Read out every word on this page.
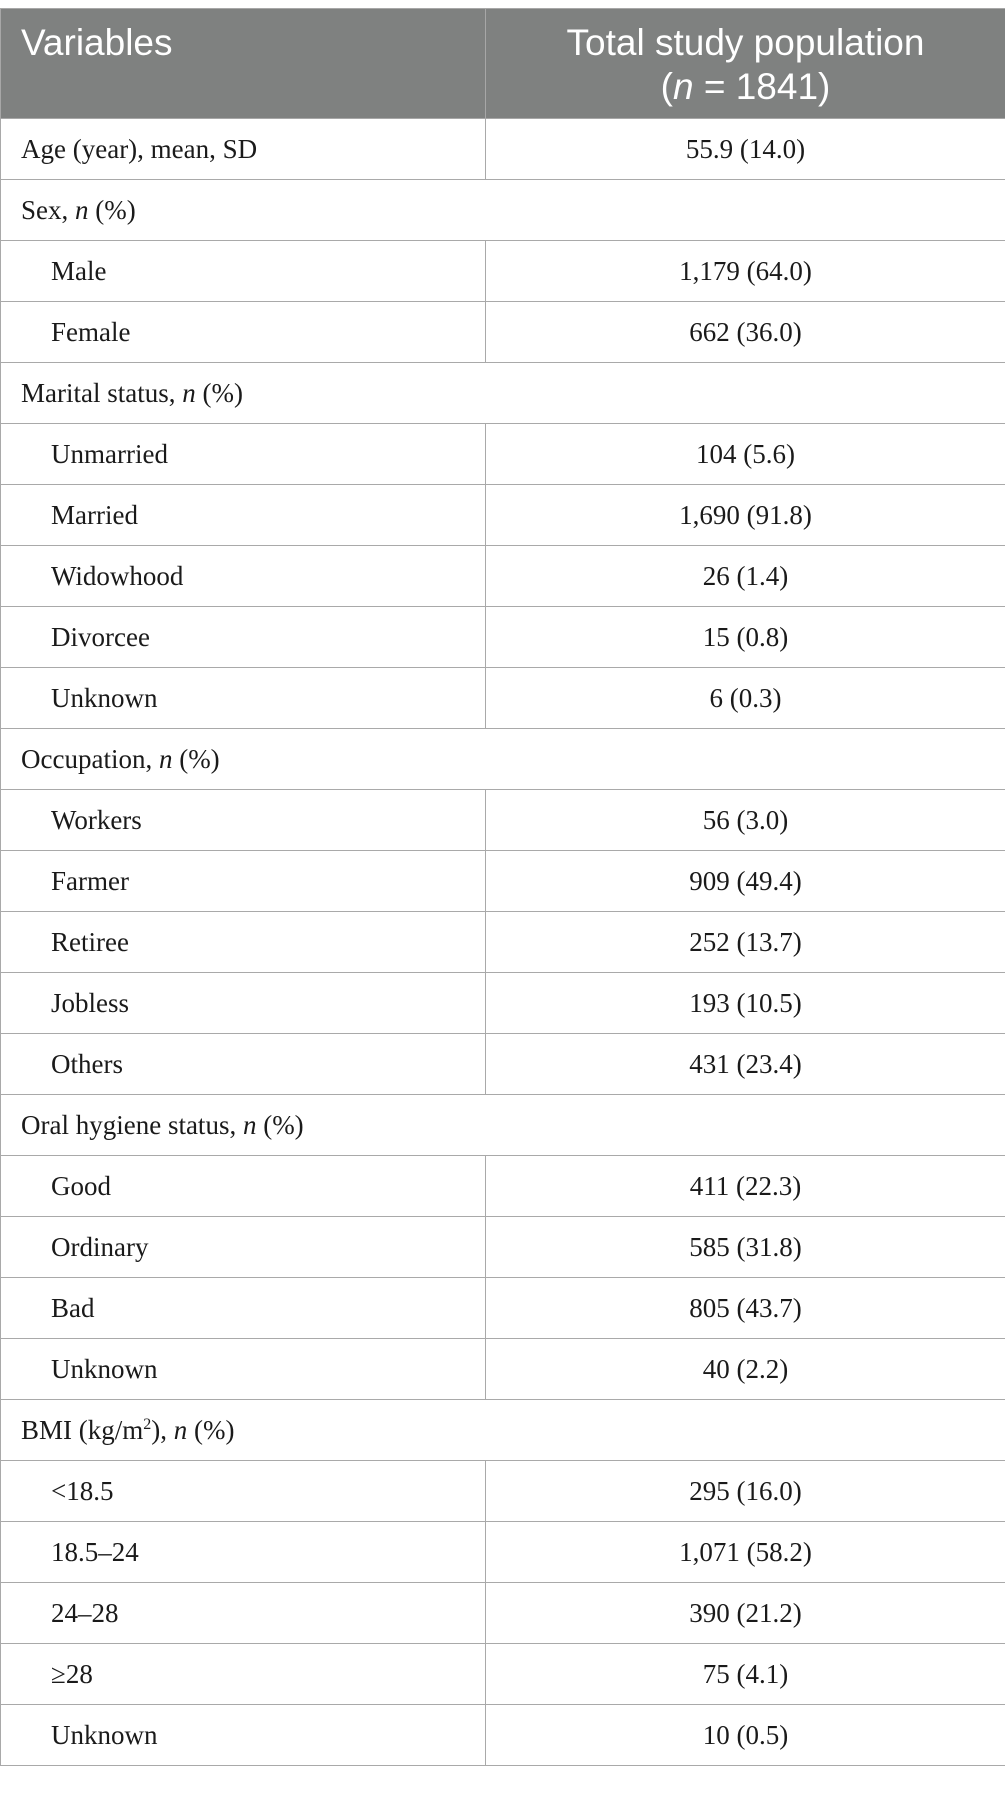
Variables	Total study population
(n = 1841)

Age (year), mean, SD	55.9 (14.0)
Sex, n (%)	
Male	1,179 (64.0)
Female	662 (36.0)
Marital status, n (%)	
Unmarried	104 (5.6)
Married	1,690 (91.8)
Widowhood	26 (1.4)
Divorcee	15 (0.8)
Unknown	6 (0.3)
Occupation, n (%)	
Workers	56 (3.0)
Farmer	909 (49.4)
Retiree	252 (13.7)
Jobless	193 (10.5)
Others	431 (23.4)
Oral hygiene status, n (%)	
Good	411 (22.3)
Ordinary	585 (31.8)
Bad	805 (43.7)
Unknown	40 (2.2)
BMI $(kg/m^2)$, n (%)	
<18.5	295 (16.0)
18.5–24	1,071 (58.2)
24–28	390 (21.2)
≥28	75 (4.1)
Unknown	10 (0.5)
